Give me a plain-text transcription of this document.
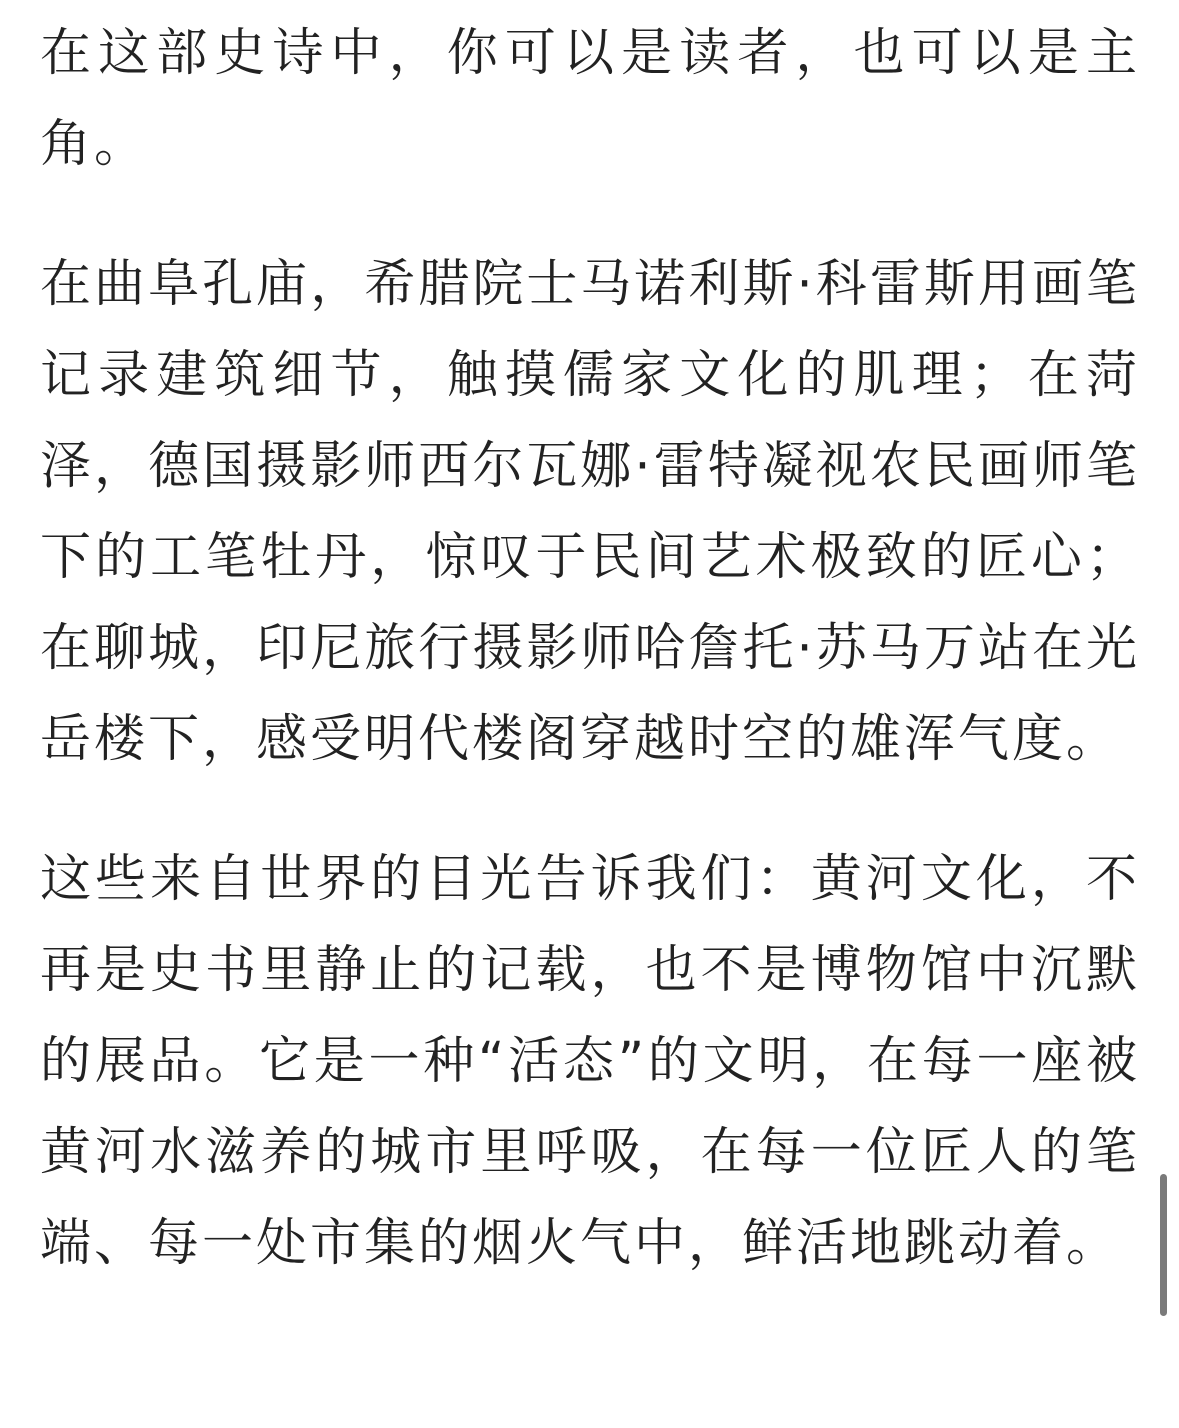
在这部史诗中，你可以是读者，也可以是主角。

在曲阜孔庙，希腊院士马诺利斯·科雷斯用画笔记录建筑细节，触摸儒家文化的肌理；在菏泽，德国摄影师西尔瓦娜·雷特凝视农民画师笔下的工笔牡丹，惊叹于民间艺术极致的匠心；在聊城，印尼旅行摄影师哈詹托·苏马万站在光岳楼下，感受明代楼阁穿越时空的雄浑气度。

这些来自世界的目光告诉我们：黄河文化，不再是史书里静止的记载，也不是博物馆中沉默的展品。它是一种“活态”的文明，在每一座被黄河水滋养的城市里呼吸，在每一位匠人的笔端、每一处市集的烟火气中，鲜活地跳动着。
